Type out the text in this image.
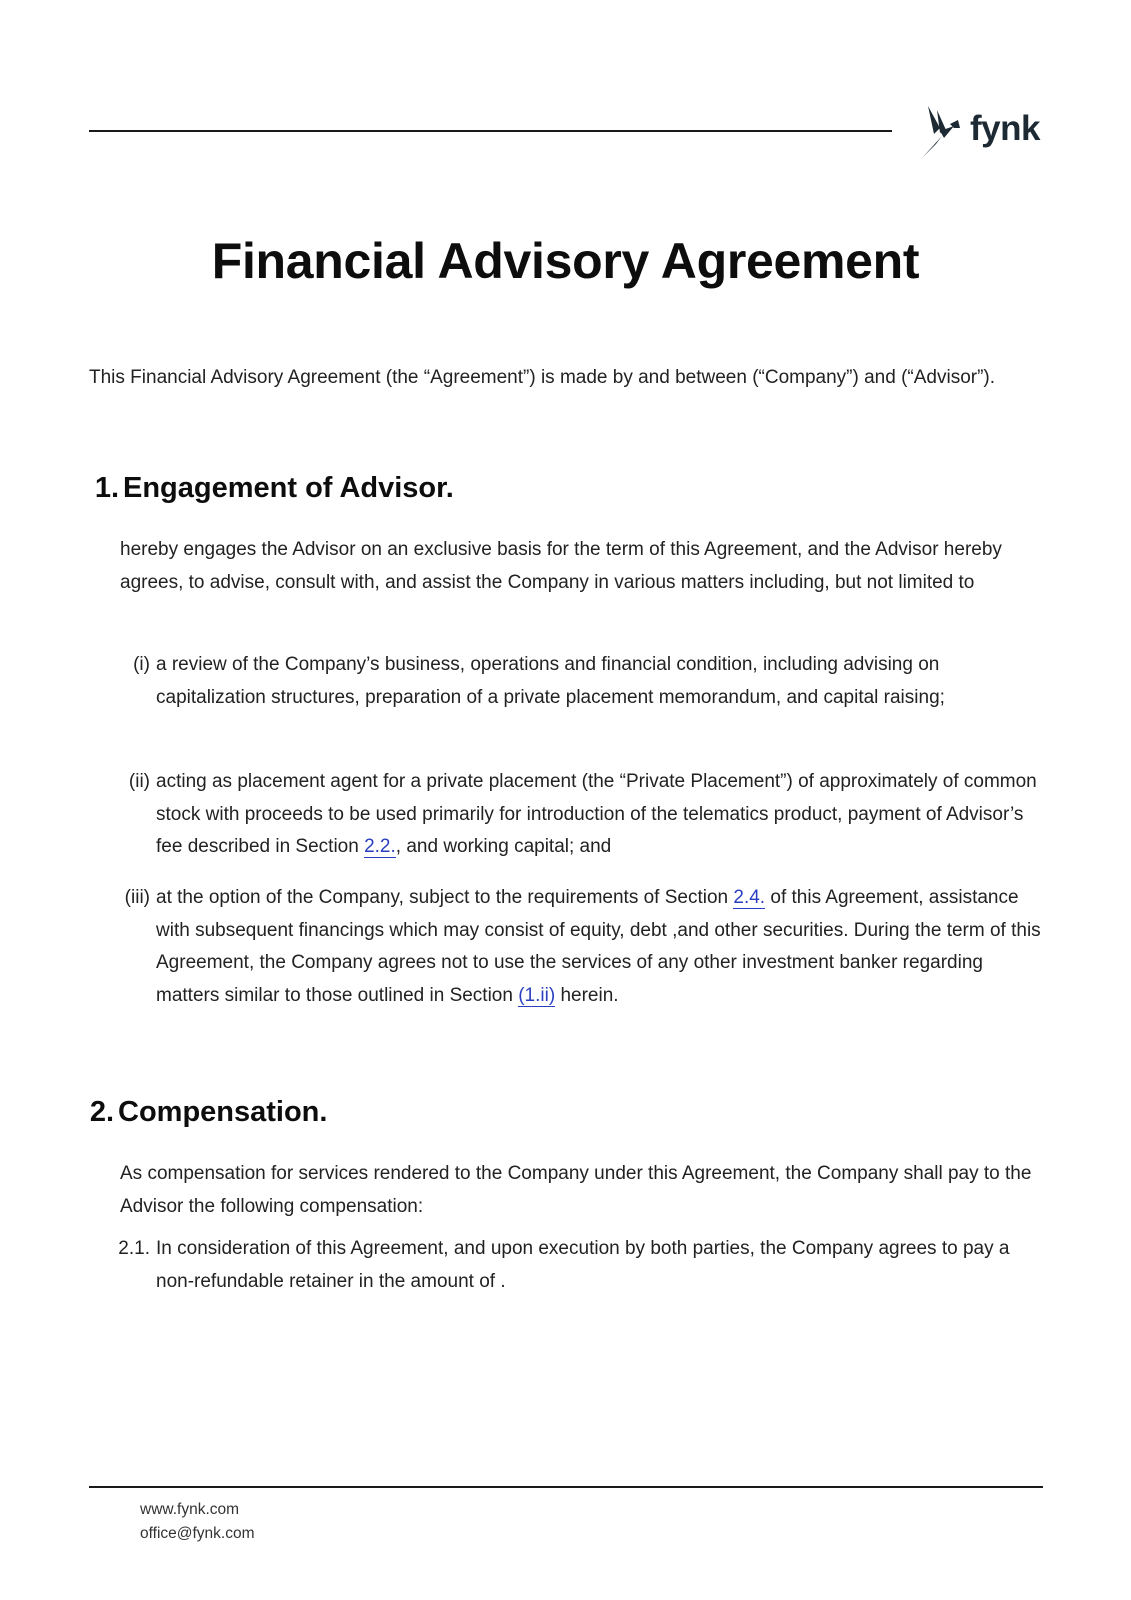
fynk
Financial Advisory Agreement

This Financial Advisory Agreement (the “Agreement”) is made by and between (“Company”) and (“Advisor”).

1. Engagement of Advisor.

hereby engages the Advisor on an exclusive basis for the term of this Agreement, and the Advisor hereby agrees, to advise, consult with, and assist the Company in various matters including, but not limited to

(i) a review of the Company’s business, operations and financial condition, including advising on capitalization structures, preparation of a private placement memorandum, and capital raising;

(ii) acting as placement agent for a private placement (the “Private Placement”) of approximately of common stock with proceeds to be used primarily for introduction of the telematics product, payment of Advisor’s fee described in Section 2.2., and working capital; and

(iii) at the option of the Company, subject to the requirements of Section 2.4. of this Agreement, assistance with subsequent financings which may consist of equity, debt ,and other securities. During the term of this Agreement, the Company agrees not to use the services of any other investment banker regarding matters similar to those outlined in Section (1.ii) herein.

2. Compensation.

As compensation for services rendered to the Company under this Agreement, the Company shall pay to the Advisor the following compensation:

2.1. In consideration of this Agreement, and upon execution by both parties, the Company agrees to pay a non-refundable retainer in the amount of .

www.fynk.com
office@fynk.com
